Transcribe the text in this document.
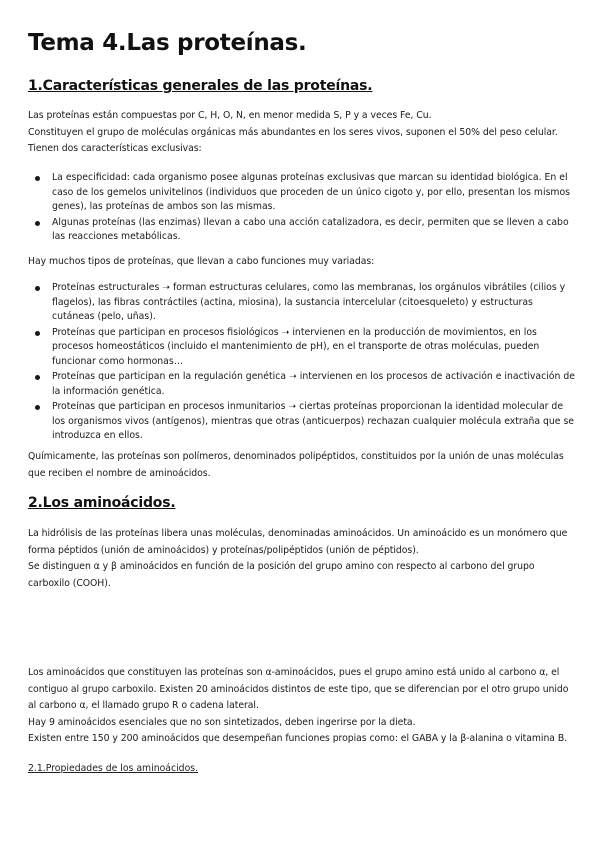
Tema 4.Las proteínas.
1.Características generales de las proteínas.
Las proteínas están compuestas por C, H, O, N, en menor medida S, P y a veces Fe, Cu.
Constituyen el grupo de moléculas orgánicas más abundantes en los seres vivos, suponen el 50% del peso celular.
Tienen dos características exclusivas:
La especificidad: cada organismo posee algunas proteínas exclusivas que marcan su identidad biológica. En el caso de los gemelos univitelinos (individuos que proceden de un único cigoto y, por ello, presentan los mismos genes), las proteínas de ambos son las mismas.
Algunas proteínas (las enzimas) llevan a cabo una acción catalizadora, es decir, permiten que se lleven a cabo las reacciones metabólicas.
Hay muchos tipos de proteínas, que llevan a cabo funciones muy variadas:
Proteínas estructurales ➝ forman estructuras celulares, como las membranas, los orgánulos vibrátiles (cilios y flagelos), las fibras contráctiles (actina, miosina), la sustancia intercelular (citoesqueleto) y estructuras cutáneas (pelo, uñas).
Proteínas que participan en procesos fisiológicos ➝ intervienen en la producción de movimientos, en los procesos homeostáticos (incluido el mantenimiento de pH), en el transporte de otras moléculas, pueden funcionar como hormonas…
Proteínas que participan en la regulación genética ➝ intervienen en los procesos de activación e inactivación de la información genética.
Proteínas que participan en procesos inmunitarios ➝ ciertas proteínas proporcionan la identidad molecular de los organismos vivos (antígenos), mientras que otras (anticuerpos) rechazan cualquier molécula extraña que se introduzca en ellos.
Químicamente, las proteínas son polímeros, denominados polipéptidos, constituidos por la unión de unas moléculas que reciben el nombre de aminoácidos.
2.Los aminoácidos.
La hidrólisis de las proteínas libera unas moléculas, denominadas aminoácidos. Un aminoácido es un monómero que forma péptidos (unión de aminoácidos) y proteínas/polipéptidos (unión de péptidos).
Se distinguen α y β aminoácidos en función de la posición del grupo amino con respecto al carbono del grupo carboxilo (COOH).
Los aminoácidos que constituyen las proteínas son α-aminoácidos, pues el grupo amino está unido al carbono α, el contiguo al grupo carboxilo. Existen 20 aminoácidos distintos de este tipo, que se diferencian por el otro grupo unido al carbono α, el llamado grupo R o cadena lateral.
Hay 9 aminoácidos esenciales que no son sintetizados, deben ingerirse por la dieta.
Existen entre 150 y 200 aminoácidos que desempeñan funciones propias como: el GABA y la β-alanina o vitamina B.
2.1.Propiedades de los aminoácidos.
